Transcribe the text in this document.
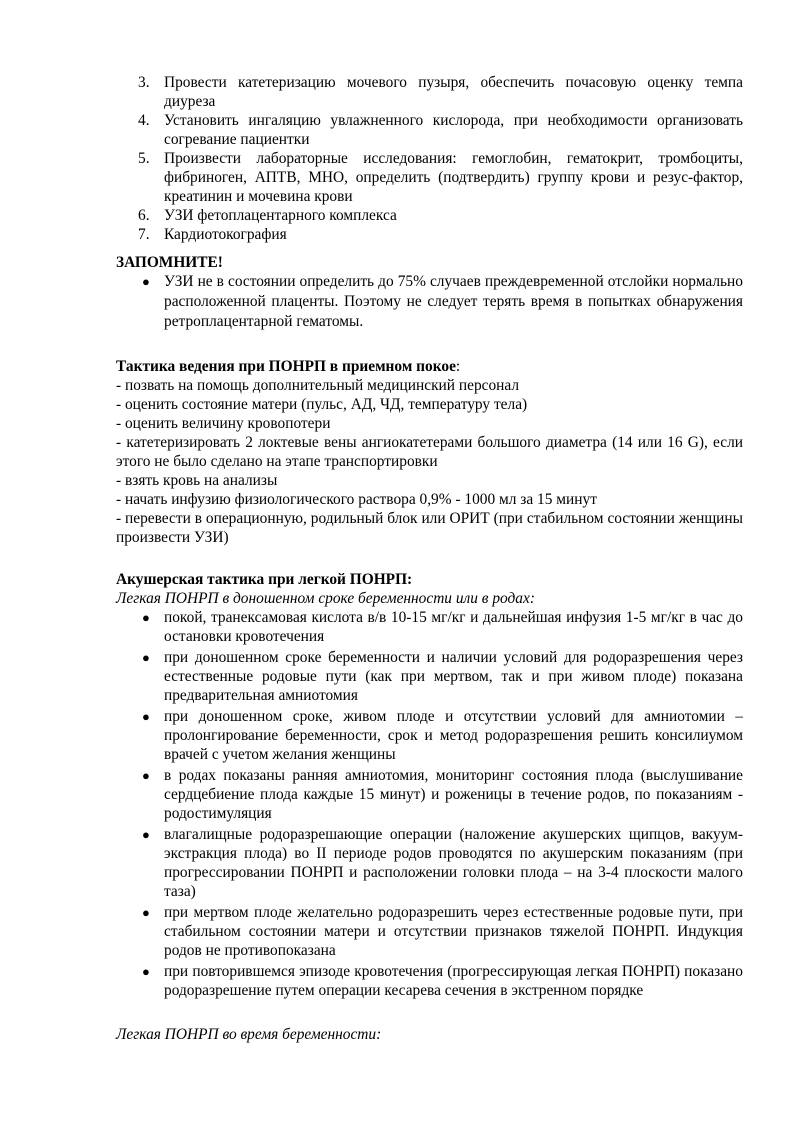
3. Провести катетеризацию мочевого пузыря, обеспечить почасовую оценку темпа диуреза
4. Установить ингаляцию увлажненного кислорода, при необходимости организовать согревание пациентки
5. Произвести лабораторные исследования: гемоглобин, гематокрит, тромбоциты, фибриноген, АПТВ, МНО, определить (подтвердить) группу крови и резус-фактор, креатинин и мочевина крови
6. УЗИ фетоплацентарного комплекса
7. Кардиотокография
ЗАПОМНИТЕ!
● УЗИ не в состоянии определить до 75% случаев преждевременной отслойки нормально расположенной плаценты. Поэтому не следует терять время в попытках обнаружения ретроплацентарной гематомы.
Тактика ведения при ПОНРП в приемном покое:
- позвать на помощь дополнительный медицинский персонал
- оценить состояние матери (пульс, АД, ЧД, температуру тела)
- оценить величину кровопотери
- катетеризировать 2 локтевые вены ангиокатетерами большого диаметра (14 или 16 G), если этого не было сделано на этапе транспортировки
- взять кровь на анализы
- начать инфузию физиологического раствора 0,9% - 1000 мл за 15 минут
- перевести в операционную, родильный блок или ОРИТ (при стабильном состоянии женщины произвести УЗИ)
Акушерская тактика при легкой ПОНРП:
Легкая ПОНРП в доношенном сроке беременности или в родах:
● покой, транексамовая кислота в/в 10-15 мг/кг и дальнейшая инфузия 1-5 мг/кг в час до остановки кровотечения
● при доношенном сроке беременности и наличии условий для родоразрешения через естественные родовые пути (как при мертвом, так и при живом плоде) показана предварительная амниотомия
● при доношенном сроке, живом плоде и отсутствии условий для амниотомии – пролонгирование беременности, срок и метод родоразрешения решить консилиумом врачей с учетом желания женщины
● в родах показаны ранняя амниотомия, мониторинг состояния плода (выслушивание сердцебиение плода каждые 15 минут) и роженицы в течение родов, по показаниям - родостимуляция
● влагалищные родоразрешающие операции (наложение акушерских щипцов, вакуум-экстракция плода) во II периоде родов проводятся по акушерским показаниям (при прогрессировании ПОНРП и расположении головки плода – на 3-4 плоскости малого таза)
● при мертвом плоде желательно родоразрешить через естественные родовые пути, при стабильном состоянии матери и отсутствии признаков тяжелой ПОНРП. Индукция родов не противопоказана
● при повторившемся эпизоде кровотечения (прогрессирующая легкая ПОНРП) показано родоразрешение путем операции кесарева сечения в экстренном порядке
Легкая ПОНРП во время беременности:
